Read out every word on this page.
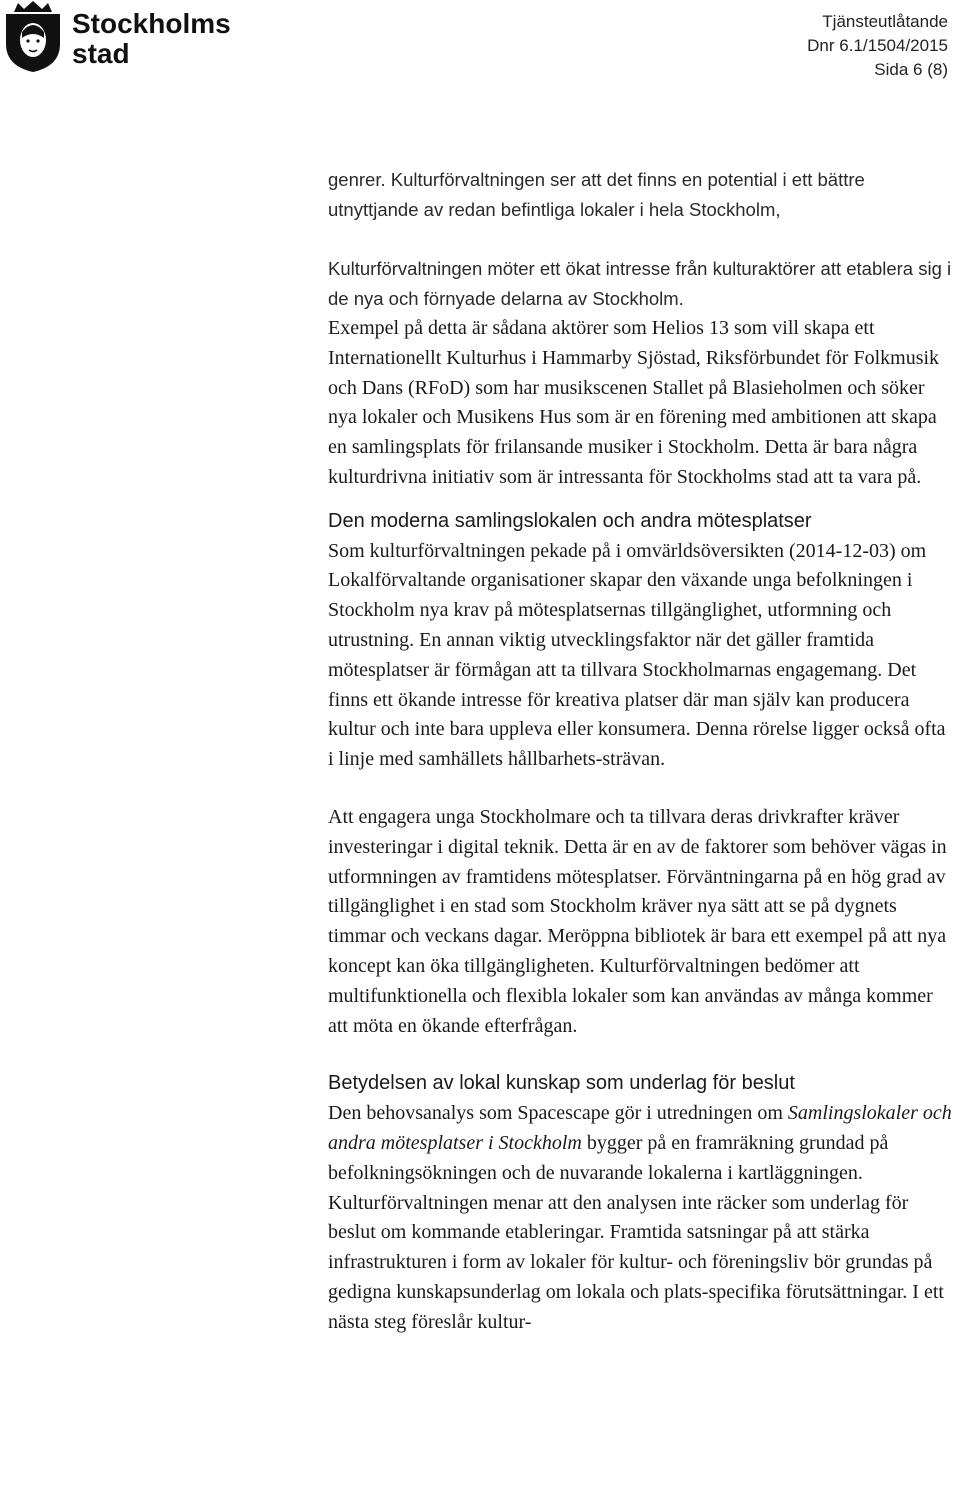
Stockholms
stad
Tjänsteutlåtande
Dnr 6.1/1504/2015
Sida 6 (8)

genrer. Kulturförvaltningen ser att det finns en potential i ett bättre utnyttjande av redan befintliga lokaler i hela Stockholm,

Kulturförvaltningen möter ett ökat intresse från kulturaktörer att etablera sig i de nya och förnyade delarna av Stockholm.

Exempel på detta är sådana aktörer som Helios 13 som vill skapa ett Internationellt Kulturhus i Hammarby Sjöstad, Riksförbundet för Folkmusik och Dans (RFoD) som har musikscenen Stallet på Blasieholmen och söker nya lokaler och Musikens Hus som är en förening med ambitionen att skapa en samlingsplats för frilansande musiker i Stockholm. Detta är bara några kulturdrivna initiativ som är intressanta för Stockholms stad att ta vara på.

Den moderna samlingslokalen och andra mötesplatser

Som kulturförvaltningen pekade på i omvärldsöversikten (2014-12-03) om Lokalförvaltande organisationer skapar den växande unga befolkningen i Stockholm nya krav på mötesplatsernas tillgänglighet, utformning och utrustning. En annan viktig utvecklingsfaktor när det gäller framtida mötesplatser är förmågan att ta tillvara Stockholmarnas engagemang. Det finns ett ökande intresse för kreativa platser där man själv kan producera kultur och inte bara uppleva eller konsumera. Denna rörelse ligger också ofta i linje med samhällets hållbarhets-strävan.

Att engagera unga Stockholmare och ta tillvara deras drivkrafter kräver investeringar i digital teknik. Detta är en av de faktorer som behöver vägas in utformningen av framtidens mötesplatser. Förväntningarna på en hög grad av tillgänglighet i en stad som Stockholm kräver nya sätt att se på dygnets timmar och veckans dagar. Meröppna bibliotek är bara ett exempel på att nya koncept kan öka tillgängligheten. Kulturförvaltningen bedömer att multifunktionella och flexibla lokaler som kan användas av många kommer att möta en ökande efterfrågan.

Betydelsen av lokal kunskap som underlag för beslut

Den behovsanalys som Spacescape gör i utredningen om Samlingslokaler och andra mötesplatser i Stockholm bygger på en framräkning grundad på befolkningsökningen och de nuvarande lokalerna i kartläggningen. Kulturförvaltningen menar att den analysen inte räcker som underlag för beslut om kommande etableringar. Framtida satsningar på att stärka infrastrukturen i form av lokaler för kultur- och föreningsliv bör grundas på gedigna kunskapsunderlag om lokala och plats-specifika förutsättningar. I ett nästa steg föreslår kultur-
